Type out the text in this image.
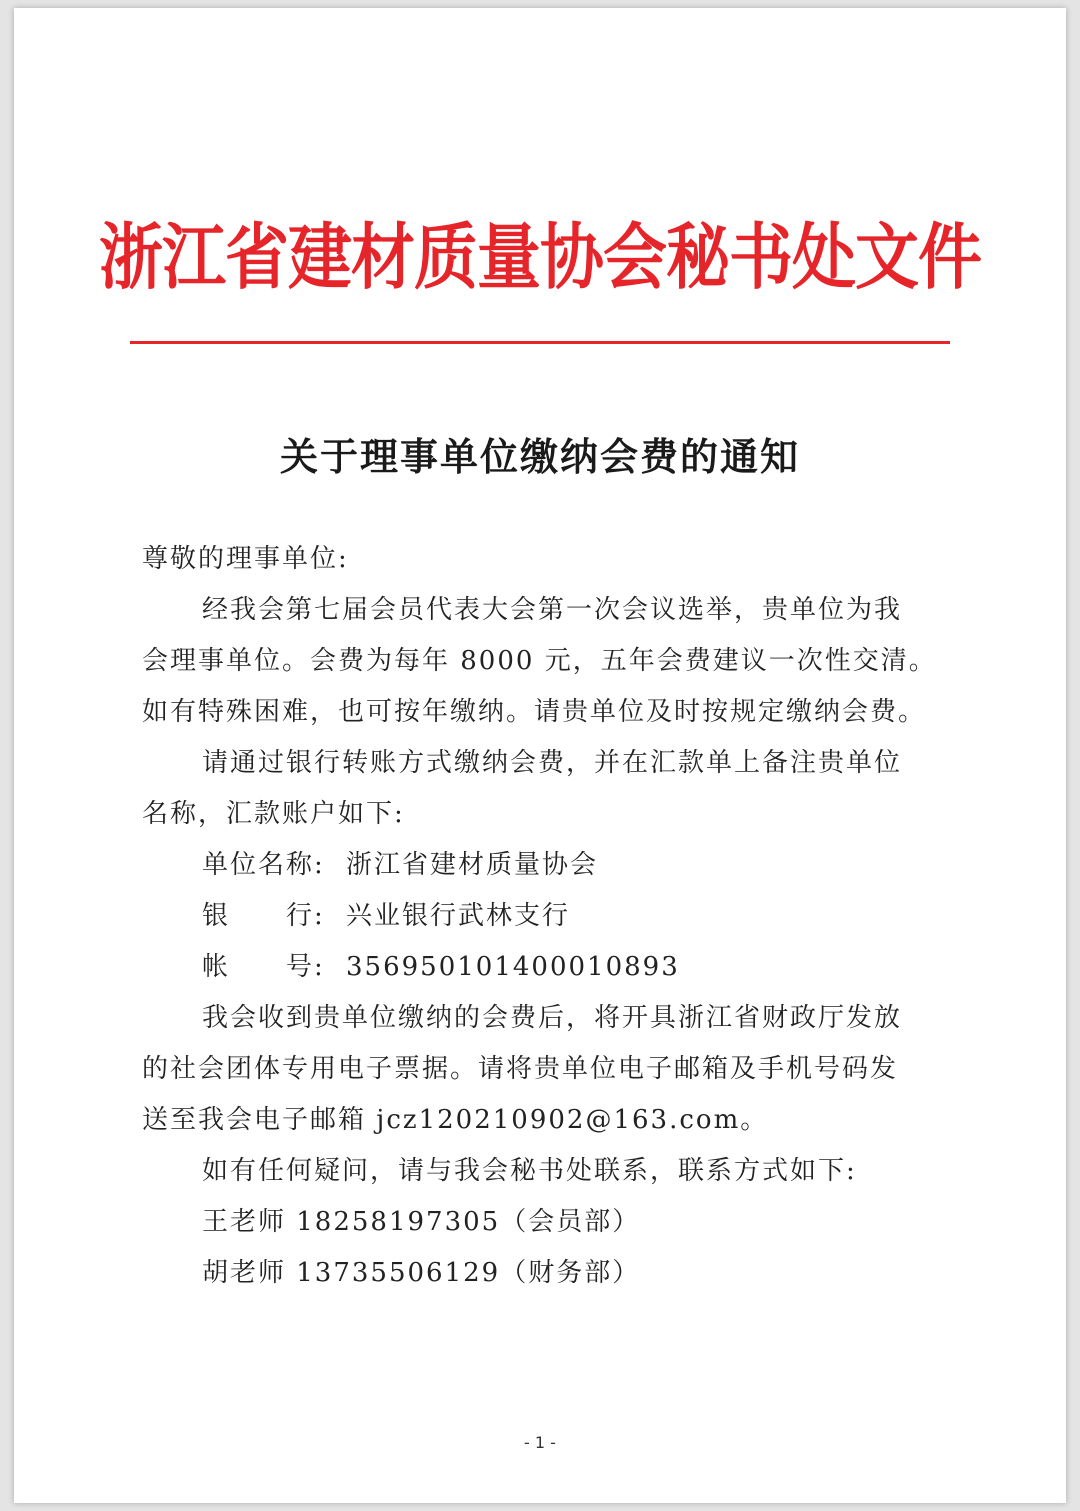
浙江省建材质量协会秘书处文件
关于理事单位缴纳会费的通知
尊敬的理事单位:
经我会第七届会员代表大会第一次会议选举，贵单位为我
会理事单位。会费为每年 8000 元，五年会费建议一次性交清。
如有特殊困难，也可按年缴纳。请贵单位及时按规定缴纳会费。
请通过银行转账方式缴纳会费，并在汇款单上备注贵单位
名称，汇款账户如下:
单位名称: 浙江省建材质量协会
银　　行: 兴业银行武林支行
帐　　号: 356950101400010893
我会收到贵单位缴纳的会费后，将开具浙江省财政厅发放
的社会团体专用电子票据。请将贵单位电子邮箱及手机号码发
送至我会电子邮箱 jcz120210902@163.com。
如有任何疑问，请与我会秘书处联系，联系方式如下:
王老师 18258197305（会员部）
胡老师 13735506129（财务部）
- 1 -
